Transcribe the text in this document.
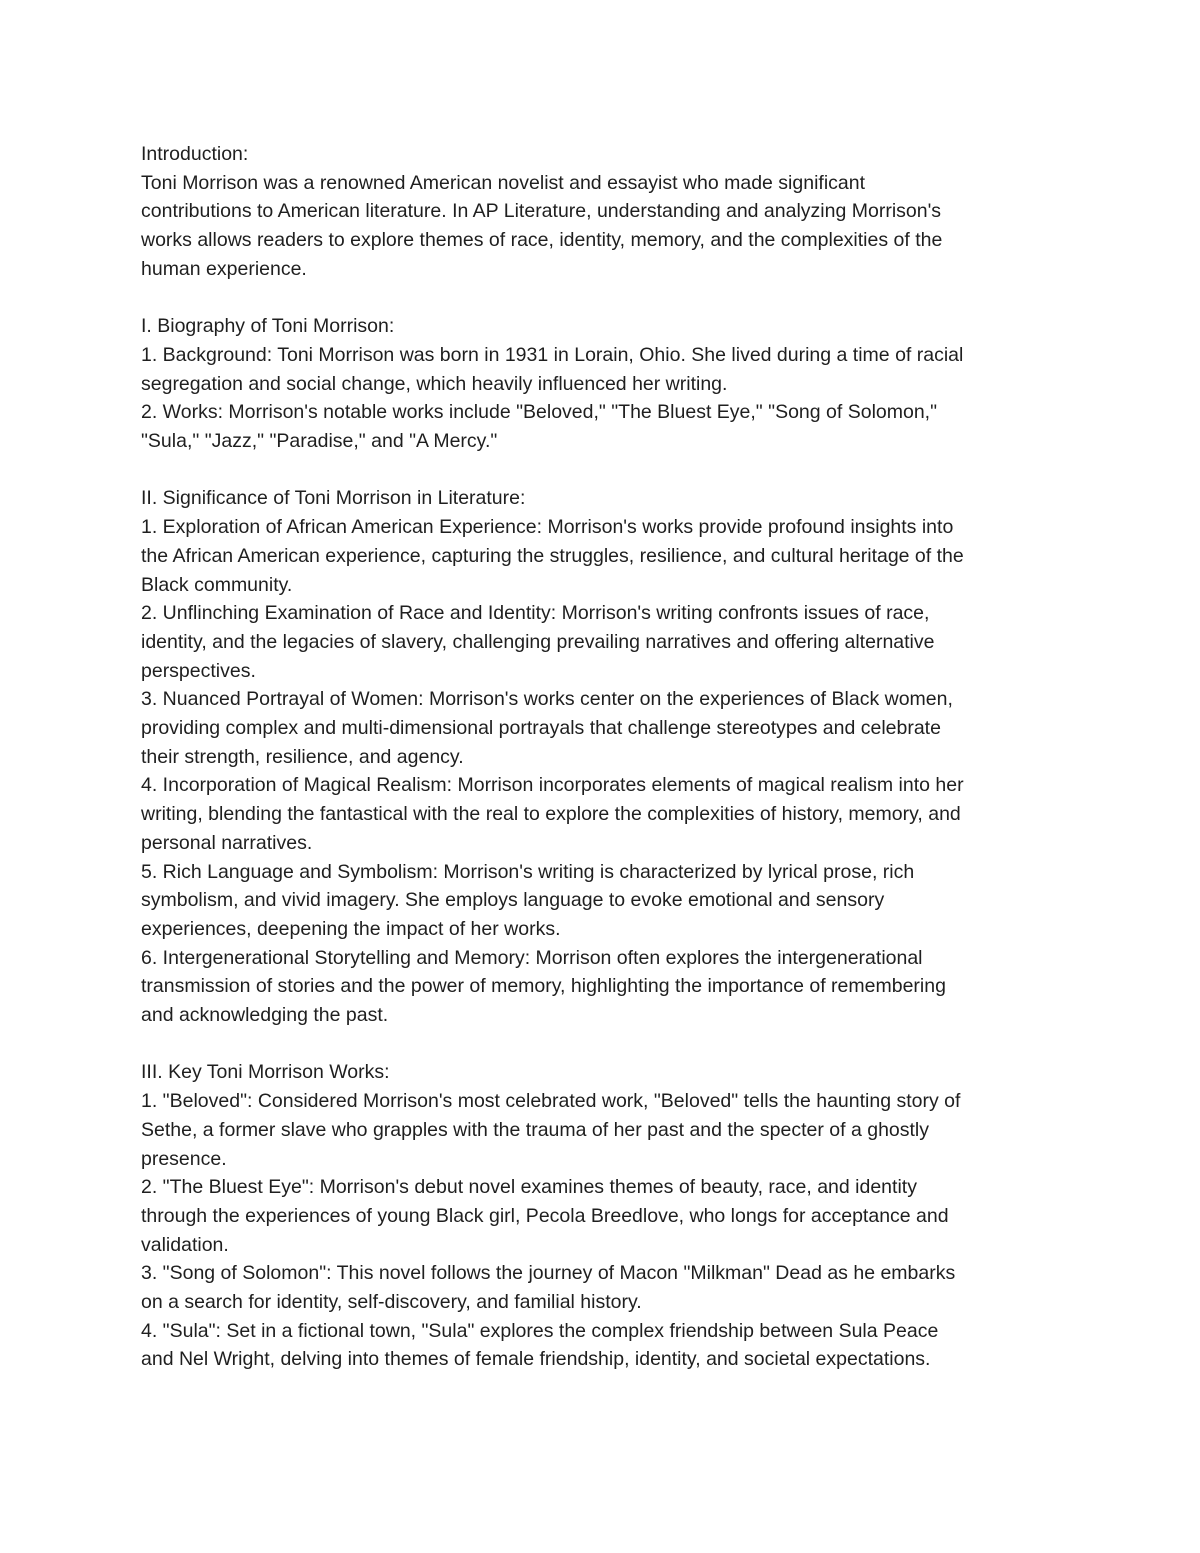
Introduction:
Toni Morrison was a renowned American novelist and essayist who made significant
contributions to American literature. In AP Literature, understanding and analyzing Morrison's
works allows readers to explore themes of race, identity, memory, and the complexities of the
human experience.
I. Biography of Toni Morrison:
1. Background: Toni Morrison was born in 1931 in Lorain, Ohio. She lived during a time of racial
segregation and social change, which heavily influenced her writing.
2. Works: Morrison's notable works include "Beloved," "The Bluest Eye," "Song of Solomon,"
"Sula," "Jazz," "Paradise," and "A Mercy."
II. Significance of Toni Morrison in Literature:
1. Exploration of African American Experience: Morrison's works provide profound insights into
the African American experience, capturing the struggles, resilience, and cultural heritage of the
Black community.
2. Unflinching Examination of Race and Identity: Morrison's writing confronts issues of race,
identity, and the legacies of slavery, challenging prevailing narratives and offering alternative
perspectives.
3. Nuanced Portrayal of Women: Morrison's works center on the experiences of Black women,
providing complex and multi-dimensional portrayals that challenge stereotypes and celebrate
their strength, resilience, and agency.
4. Incorporation of Magical Realism: Morrison incorporates elements of magical realism into her
writing, blending the fantastical with the real to explore the complexities of history, memory, and
personal narratives.
5. Rich Language and Symbolism: Morrison's writing is characterized by lyrical prose, rich
symbolism, and vivid imagery. She employs language to evoke emotional and sensory
experiences, deepening the impact of her works.
6. Intergenerational Storytelling and Memory: Morrison often explores the intergenerational
transmission of stories and the power of memory, highlighting the importance of remembering
and acknowledging the past.
III. Key Toni Morrison Works:
1. "Beloved": Considered Morrison's most celebrated work, "Beloved" tells the haunting story of
Sethe, a former slave who grapples with the trauma of her past and the specter of a ghostly
presence.
2. "The Bluest Eye": Morrison's debut novel examines themes of beauty, race, and identity
through the experiences of young Black girl, Pecola Breedlove, who longs for acceptance and
validation.
3. "Song of Solomon": This novel follows the journey of Macon "Milkman" Dead as he embarks
on a search for identity, self-discovery, and familial history.
4. "Sula": Set in a fictional town, "Sula" explores the complex friendship between Sula Peace
and Nel Wright, delving into themes of female friendship, identity, and societal expectations.
